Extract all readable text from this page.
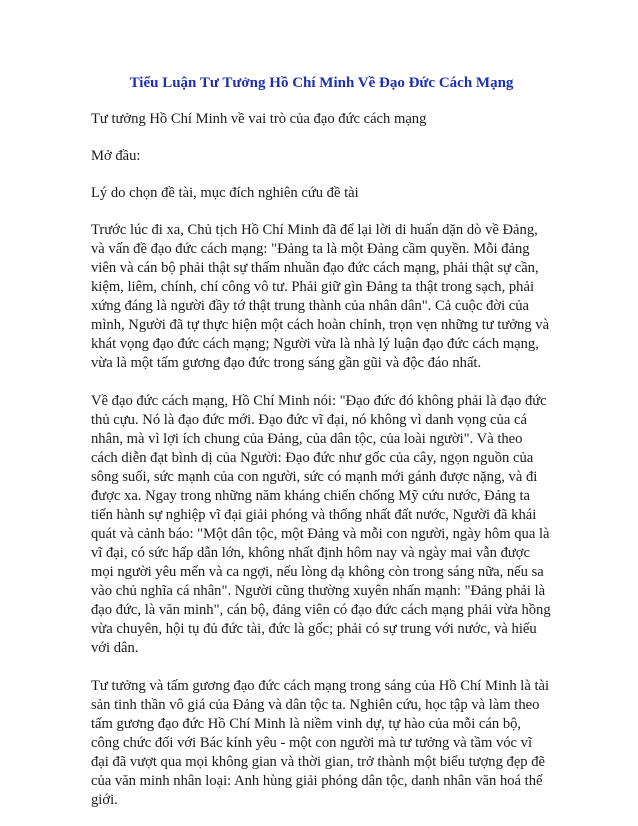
Tiểu Luận Tư Tưởng Hồ Chí Minh Về Đạo Đức Cách Mạng

Tư tưởng Hồ Chí Minh về vai trò của đạo đức cách mạng

Mở đầu:

Lý do chọn đề tài, mục đích nghiên cứu đề tài

Trước lúc đi xa, Chủ tịch Hồ Chí Minh đã để lại lời di huấn dặn dò về Đảng, và vấn đề đạo đức cách mạng: "Đảng ta là một Đảng cầm quyền. Mỗi đảng viên và cán bộ phải thật sự thấm nhuần đạo đức cách mạng, phải thật sự cần, kiệm, liêm, chính, chí công vô tư. Phải giữ gìn Đảng ta thật trong sạch, phải xứng đáng là người đầy tớ thật trung thành của nhân dân". Cả cuộc đời của mình, Người đã tự thực hiện một cách hoàn chỉnh, trọn vẹn những tư tưởng và khát vọng đạo đức cách mạng; Người vừa là nhà lý luận đạo đức cách mạng, vừa là một tấm gương đạo đức trong sáng gần gũi và độc đáo nhất.

Về đạo đức cách mạng, Hồ Chí Minh nói: "Đạo đức đó không phải là đạo đức thủ cựu. Nó là đạo đức mới. Đạo đức vĩ đại, nó không vì danh vọng của cá nhân, mà vì lợi ích chung của Đảng, của dân tộc, của loài người". Và theo cách diễn đạt bình dị của Người: Đạo đức như gốc của cây, ngọn nguồn của sông suối, sức mạnh của con người, sức có mạnh mới gánh được nặng, và đi được xa. Ngay trong những năm kháng chiến chống Mỹ cứu nước, Đảng ta tiến hành sự nghiệp vĩ đại giải phóng và thống nhất đất nước, Người đã khái quát và cảnh báo: "Một dân tộc, một Đảng và mỗi con người, ngày hôm qua là vĩ đại, có sức hấp dẫn lớn, không nhất định hôm nay và ngày mai vẫn được mọi người yêu mến và ca ngợi, nếu lòng dạ không còn trong sáng nữa, nếu sa vào chủ nghĩa cá nhân". Người cũng thường xuyên nhấn mạnh: "Đảng phải là đạo đức, là văn minh", cán bộ, đảng viên có đạo đức cách mạng phải vừa hồng vừa chuyên, hội tụ đủ đức tài, đức là gốc; phải có sự trung với nước, và hiếu với dân.

Tư tưởng và tấm gương đạo đức cách mạng trong sáng của Hồ Chí Minh là tài sản tinh thần vô giá của Đảng và dân tộc ta. Nghiên cứu, học tập và làm theo tấm gương đạo đức Hồ Chí Minh là niềm vinh dự, tự hào của mỗi cán bộ, công chức đối với Bác kính yêu - một con người mà tư tưởng và tầm vóc vĩ đại đã vượt qua mọi không gian và thời gian, trở thành một biểu tượng đẹp đẽ của văn minh nhân loại: Anh hùng giải phóng dân tộc, danh nhân văn hoá thế giới.
